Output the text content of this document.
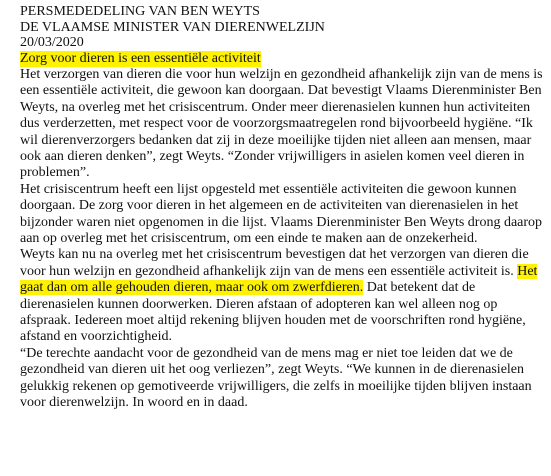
PERSMEDEDELING VAN BEN WEYTS

DE VLAAMSE MINISTER VAN DIERENWELZIJN

20/03/2020

Zorg voor dieren is een essentiële activiteit

Het verzorgen van dieren die voor hun welzijn en gezondheid afhankelijk zijn van de mens is een essentiële activiteit, die gewoon kan doorgaan. Dat bevestigt Vlaams Dierenminister Ben Weyts, na overleg met het crisiscentrum. Onder meer dierenasielen kunnen hun activiteiten dus verderzetten, met respect voor de voorzorgsmaatregelen rond bijvoorbeeld hygiëne. “Ik wil dierenverzorgers bedanken dat zij in deze moeilijke tijden niet alleen aan mensen, maar ook aan dieren denken”, zegt Weyts. “Zonder vrijwilligers in asielen komen veel dieren in problemen”.

Het crisiscentrum heeft een lijst opgesteld met essentiële activiteiten die gewoon kunnen doorgaan. De zorg voor dieren in het algemeen en de activiteiten van dierenasielen in het bijzonder waren niet opgenomen in die lijst. Vlaams Dierenminister Ben Weyts drong daarop aan op overleg met het crisiscentrum, om een einde te maken aan de onzekerheid.

Weyts kan nu na overleg met het crisiscentrum bevestigen dat het verzorgen van dieren die voor hun welzijn en gezondheid afhankelijk zijn van de mens een essentiële activiteit is. Het gaat dan om alle gehouden dieren, maar ook om zwerfdieren. Dat betekent dat de dierenasielen kunnen doorwerken. Dieren afstaan of adopteren kan wel alleen nog op afspraak. Iedereen moet altijd rekening blijven houden met de voorschriften rond hygiëne, afstand en voorzichtigheid.

“De terechte aandacht voor de gezondheid van de mens mag er niet toe leiden dat we de gezondheid van dieren uit het oog verliezen”, zegt Weyts. “We kunnen in de dierenasielen gelukkig rekenen op gemotiveerde vrijwilligers, die zelfs in moeilijke tijden blijven instaan voor dierenwelzijn. In woord en in daad.
